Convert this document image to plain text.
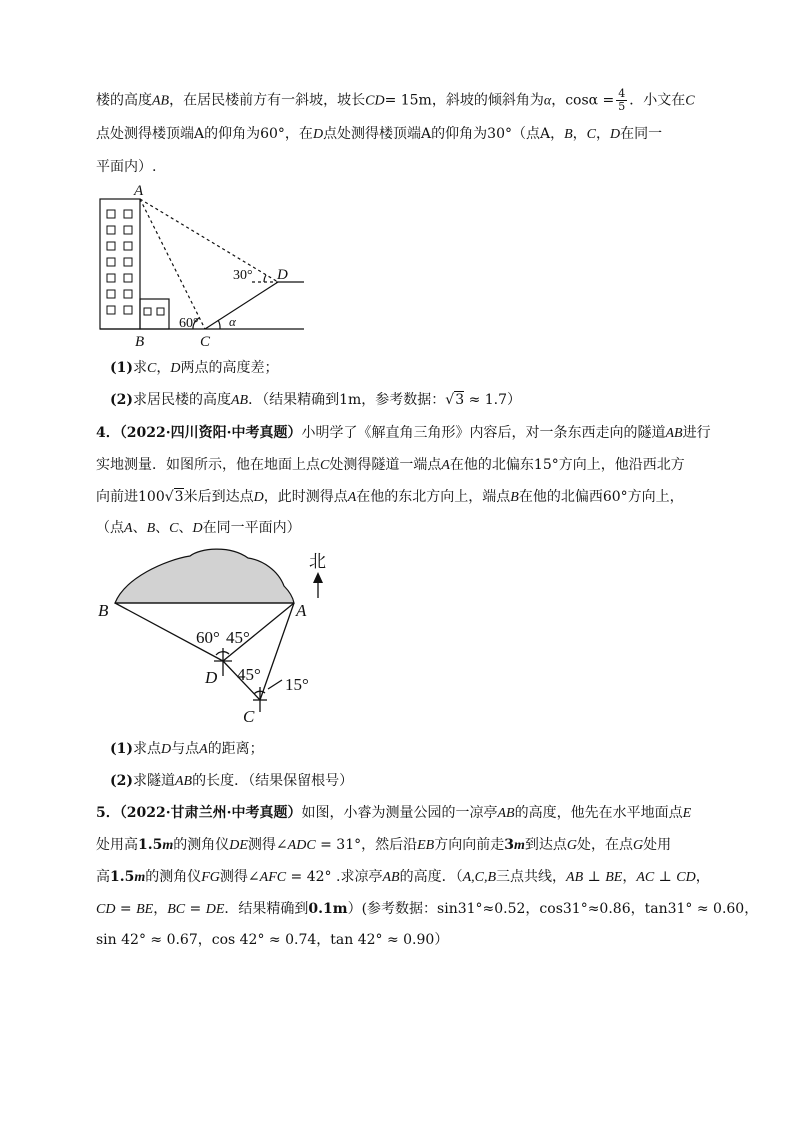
楼的高度AB，在居民楼前方有一斜坡，坡长CD= 15m，斜坡的倾斜角为α，$\cos\alpha = \frac{4}{5}$ ．小文在C
点处测得楼顶端A的仰角为60°，在D点处测得楼顶端A的仰角为30°（点A，B，C，D在同一
平面内）.
A
B	C
D
α
30°
60°
(1)求C，D两点的高度差；
(2)求居民楼的高度AB．（结果精确到1m，参考数据：√3 ≈ 1.7）
4．（2022·四川资阳·中考真题）小明学了《解直角三角形》内容后，对一条东西走向的隧道AB进行
实地测量．如图所示，他在地面上点C处测得隧道一端点A在他的北偏东15°方向上，他沿西北方
向前进100√3米后到达点D，此时测得点A在他的东北方向上，端点B在他的北偏西60°方向上，
（点A、B、C、D在同一平面内）
B	A
D
C
北
60° 45°
45°
15°
(1)求点D与点A的距离；
(2)求隧道AB的长度．（结果保留根号）
5．（2022·甘肃兰州·中考真题）如图，小睿为测量公园的一凉亭AB的高度，他先在水平地面点E
处用高1.5m的测角仪DE测得∠ADC = 31°，然后沿EB方向向前走3m到达点G处，在点G处用
高1.5m的测角仪FG测得∠AFC = 42° .求凉亭AB的高度．（A,C,B三点共线，AB ⊥ BE，AC ⊥ CD，
CD = BE，BC = DE．结果精确到0.1m）(参考数据：sin31°≈0.52，cos31°≈0.86，tan31° ≈ 0.60，
sin 42° ≈ 0.67，cos 42° ≈ 0.74，tan 42° ≈ 0.90）
